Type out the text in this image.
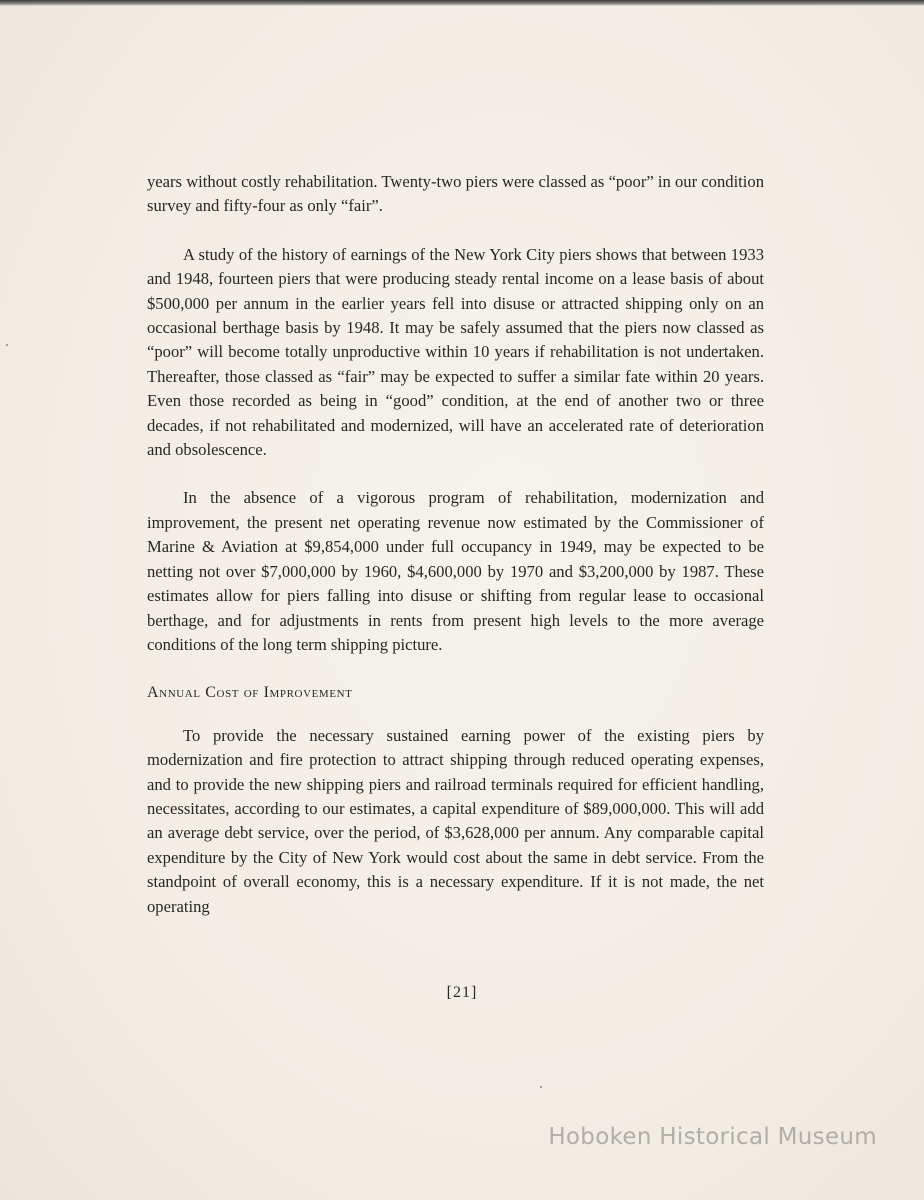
years without costly rehabilitation. Twenty-two piers were classed as “poor” in our condition survey and fifty-four as only “fair”.

A study of the history of earnings of the New York City piers shows that between 1933 and 1948, fourteen piers that were producing steady rental income on a lease basis of about $500,000 per annum in the earlier years fell into disuse or attracted shipping only on an occasional berthage basis by 1948. It may be safely assumed that the piers now classed as “poor” will become totally unproductive within 10 years if rehabilitation is not undertaken. Thereafter, those classed as “fair” may be expected to suffer a similar fate within 20 years. Even those recorded as being in “good” condition, at the end of another two or three decades, if not rehabilitated and modernized, will have an accelerated rate of deterioration and obsolescence.

In the absence of a vigorous program of rehabilitation, modernization and improvement, the present net operating revenue now estimated by the Commissioner of Marine & Aviation at $9,854,000 under full occupancy in 1949, may be expected to be netting not over $7,000,000 by 1960, $4,600,000 by 1970 and $3,200,000 by 1987. These estimates allow for piers falling into disuse or shifting from regular lease to occasional berthage, and for adjustments in rents from present high levels to the more average conditions of the long term shipping picture.

Annual Cost of Improvement

To provide the necessary sustained earning power of the existing piers by modernization and fire protection to attract shipping through reduced operating expenses, and to provide the new shipping piers and railroad terminals required for efficient handling, necessitates, according to our estimates, a capital expenditure of $89,000,000. This will add an average debt service, over the period, of $3,628,000 per annum. Any comparable capital expenditure by the City of New York would cost about the same in debt service. From the standpoint of overall economy, this is a necessary expenditure. If it is not made, the net operating

[21]
Hoboken Historical Museum
